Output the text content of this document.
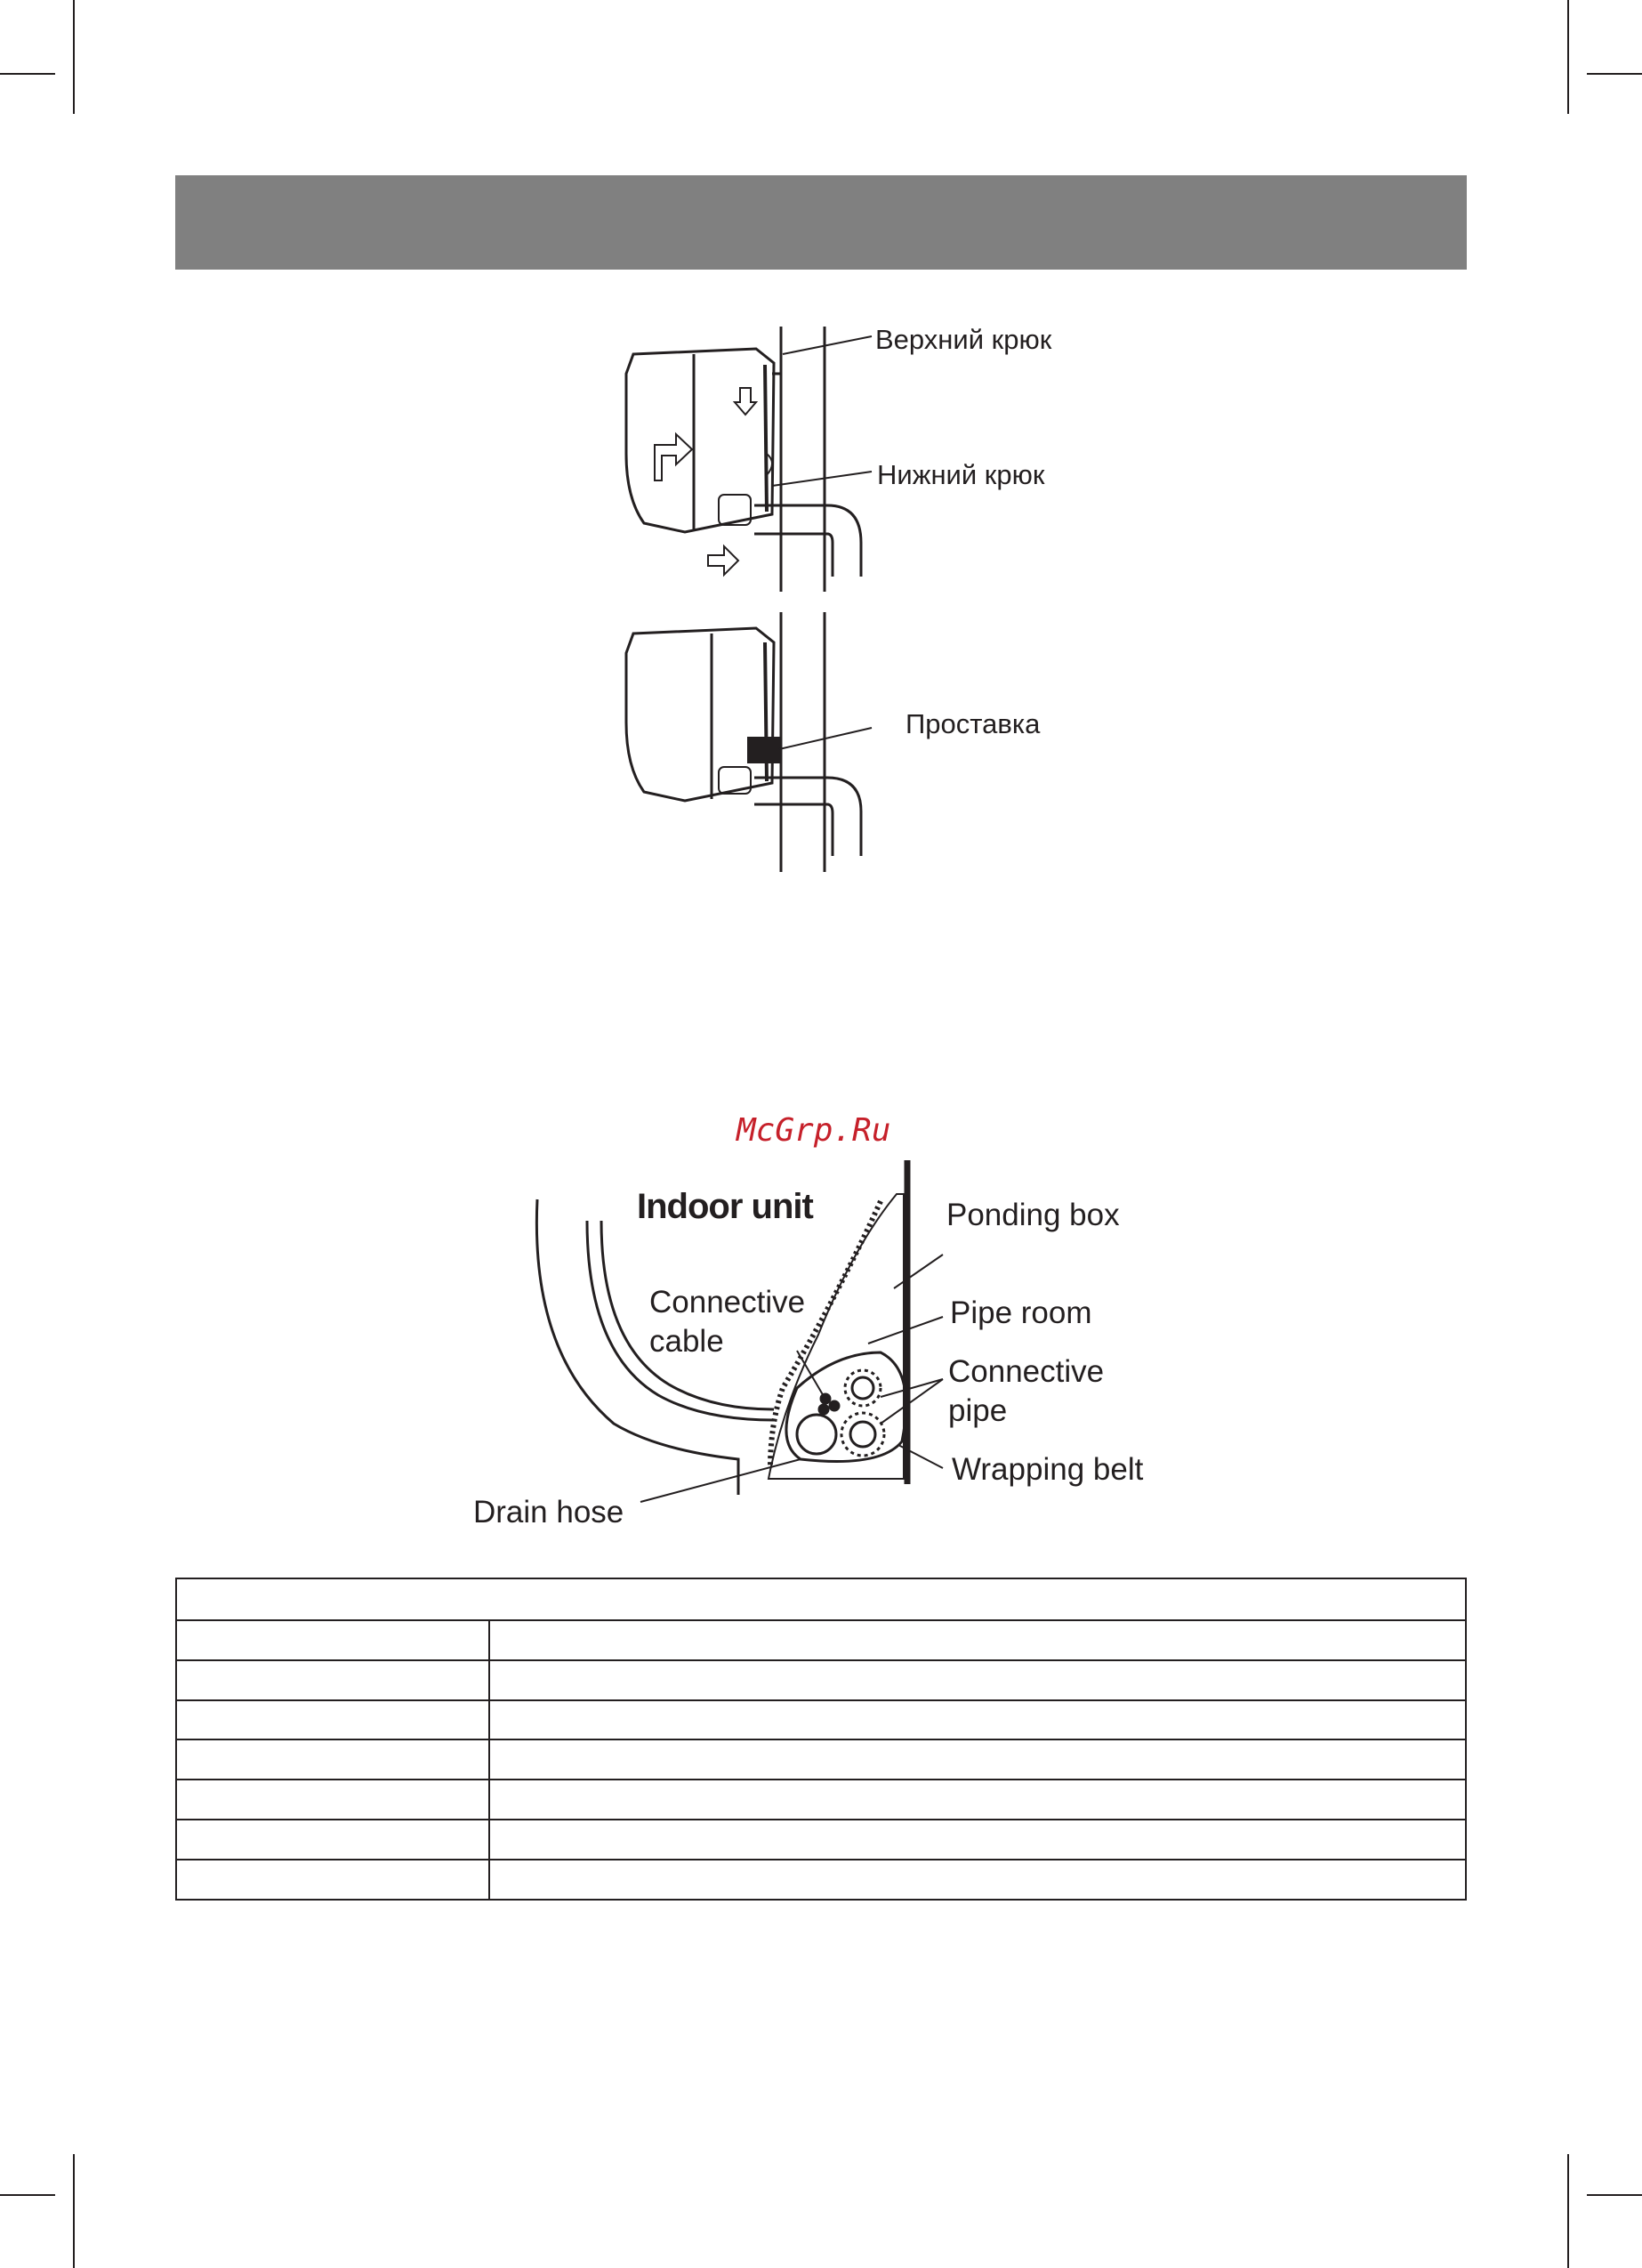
Верхний крюк
Нижний крюк
Проставка
McGrp.Ru
Indoor unit	Ponding box
Pipe room
Connective
cable
Connective
pipe
Wrapping belt
Drain hose
